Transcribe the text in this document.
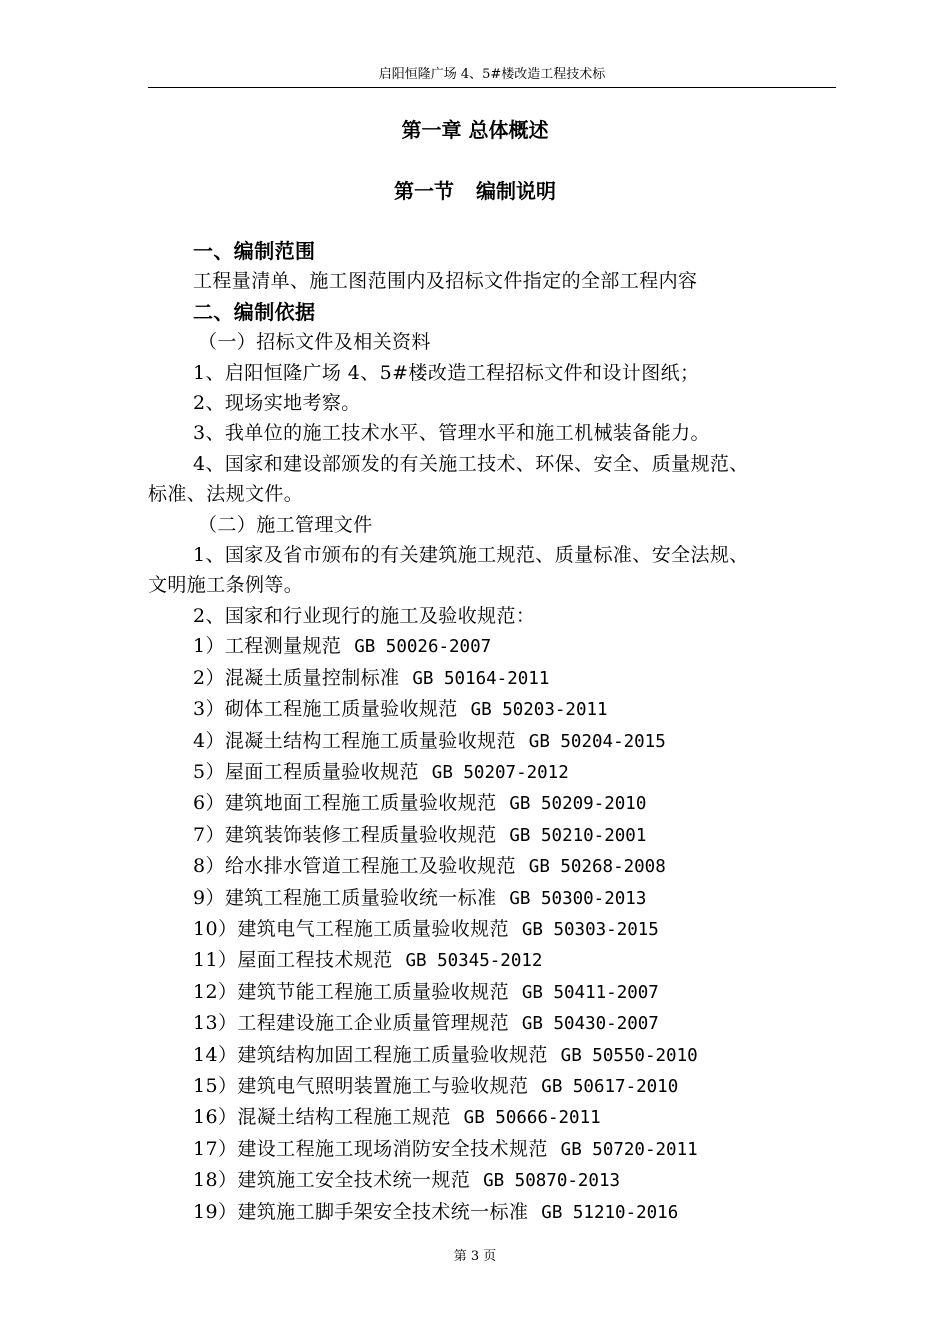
启阳恒隆广场 4、5#楼改造工程技术标
第一章 总体概述
第一节 编制说明

一、编制范围

工程量清单、施工图范围内及招标文件指定的全部工程内容

二、编制依据

（一）招标文件及相关资料

1、启阳恒隆广场 4、5#楼改造工程招标文件和设计图纸；

2、现场实地考察。

3、我单位的施工技术水平、管理水平和施工机械装备能力。

4、国家和建设部颁发的有关施工技术、环保、安全、质量规范、

标准、法规文件。

（二）施工管理文件

1、国家及省市颁布的有关建筑施工规范、质量标准、安全法规、

文明施工条例等。

2、国家和行业现行的施工及验收规范：

1）工程测量规范 GB 50026-2007

2）混凝土质量控制标准 GB 50164-2011

3）砌体工程施工质量验收规范 GB 50203-2011

4）混凝土结构工程施工质量验收规范 GB 50204-2015

5）屋面工程质量验收规范 GB 50207-2012

6）建筑地面工程施工质量验收规范 GB 50209-2010

7）建筑装饰装修工程质量验收规范 GB 50210-2001

8）给水排水管道工程施工及验收规范 GB 50268-2008

9）建筑工程施工质量验收统一标准 GB 50300-2013

10）建筑电气工程施工质量验收规范 GB 50303-2015

11）屋面工程技术规范 GB 50345-2012

12）建筑节能工程施工质量验收规范 GB 50411-2007

13）工程建设施工企业质量管理规范 GB 50430-2007

14）建筑结构加固工程施工质量验收规范 GB 50550-2010

15）建筑电气照明装置施工与验收规范 GB 50617-2010

16）混凝土结构工程施工规范 GB 50666-2011

17）建设工程施工现场消防安全技术规范 GB 50720-2011

18）建筑施工安全技术统一规范 GB 50870-2013

19）建筑施工脚手架安全技术统一标准 GB 51210-2016

第 3 页
